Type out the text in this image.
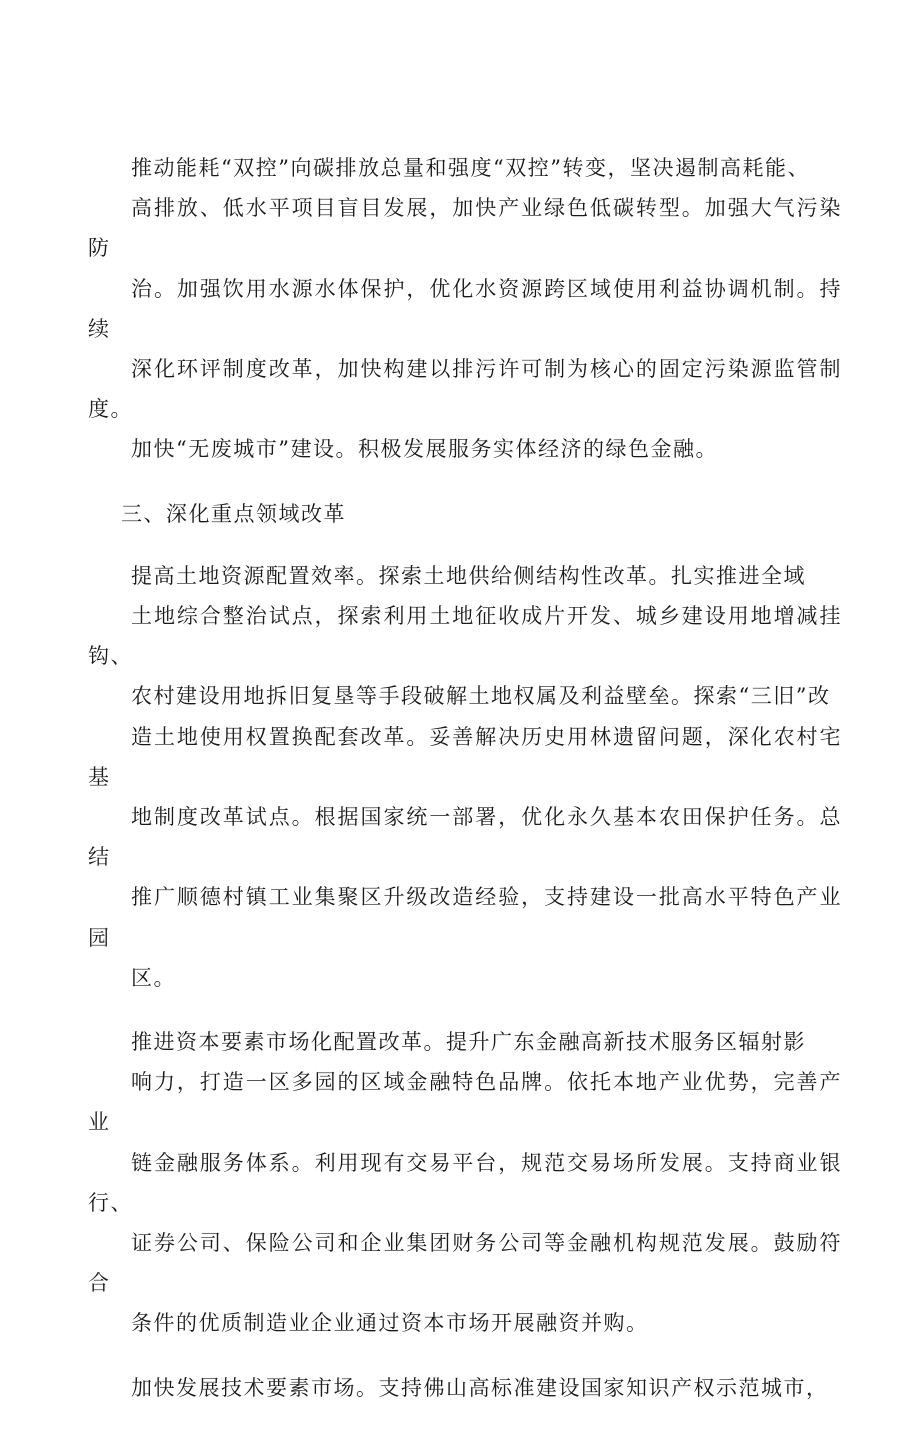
推动能耗“双控”向碳排放总量和强度“双控”转变，坚决遏制高耗能、
高排放、低水平项目盲目发展，加快产业绿色低碳转型。加强大气污染防
治。加强饮用水源水体保护，优化水资源跨区域使用利益协调机制。持续
深化环评制度改革，加快构建以排污许可制为核心的固定污染源监管制度。
加快“无废城市”建设。积极发展服务实体经济的绿色金融。

三、深化重点领域改革

提高土地资源配置效率。探索土地供给侧结构性改革。扎实推进全域
土地综合整治试点，探索利用土地征收成片开发、城乡建设用地增减挂钩、
农村建设用地拆旧复垦等手段破解土地权属及利益壁垒。探索“三旧”改
造土地使用权置换配套改革。妥善解决历史用林遗留问题，深化农村宅基
地制度改革试点。根据国家统一部署，优化永久基本农田保护任务。总结
推广顺德村镇工业集聚区升级改造经验，支持建设一批高水平特色产业园
区。

推进资本要素市场化配置改革。提升广东金融高新技术服务区辐射影
响力，打造一区多园的区域金融特色品牌。依托本地产业优势，完善产业
链金融服务体系。利用现有交易平台，规范交易场所发展。支持商业银行、
证券公司、保险公司和企业集团财务公司等金融机构规范发展。鼓励符合
条件的优质制造业企业通过资本市场开展融资并购。

加快发展技术要素市场。支持佛山高标准建设国家知识产权示范城市，
